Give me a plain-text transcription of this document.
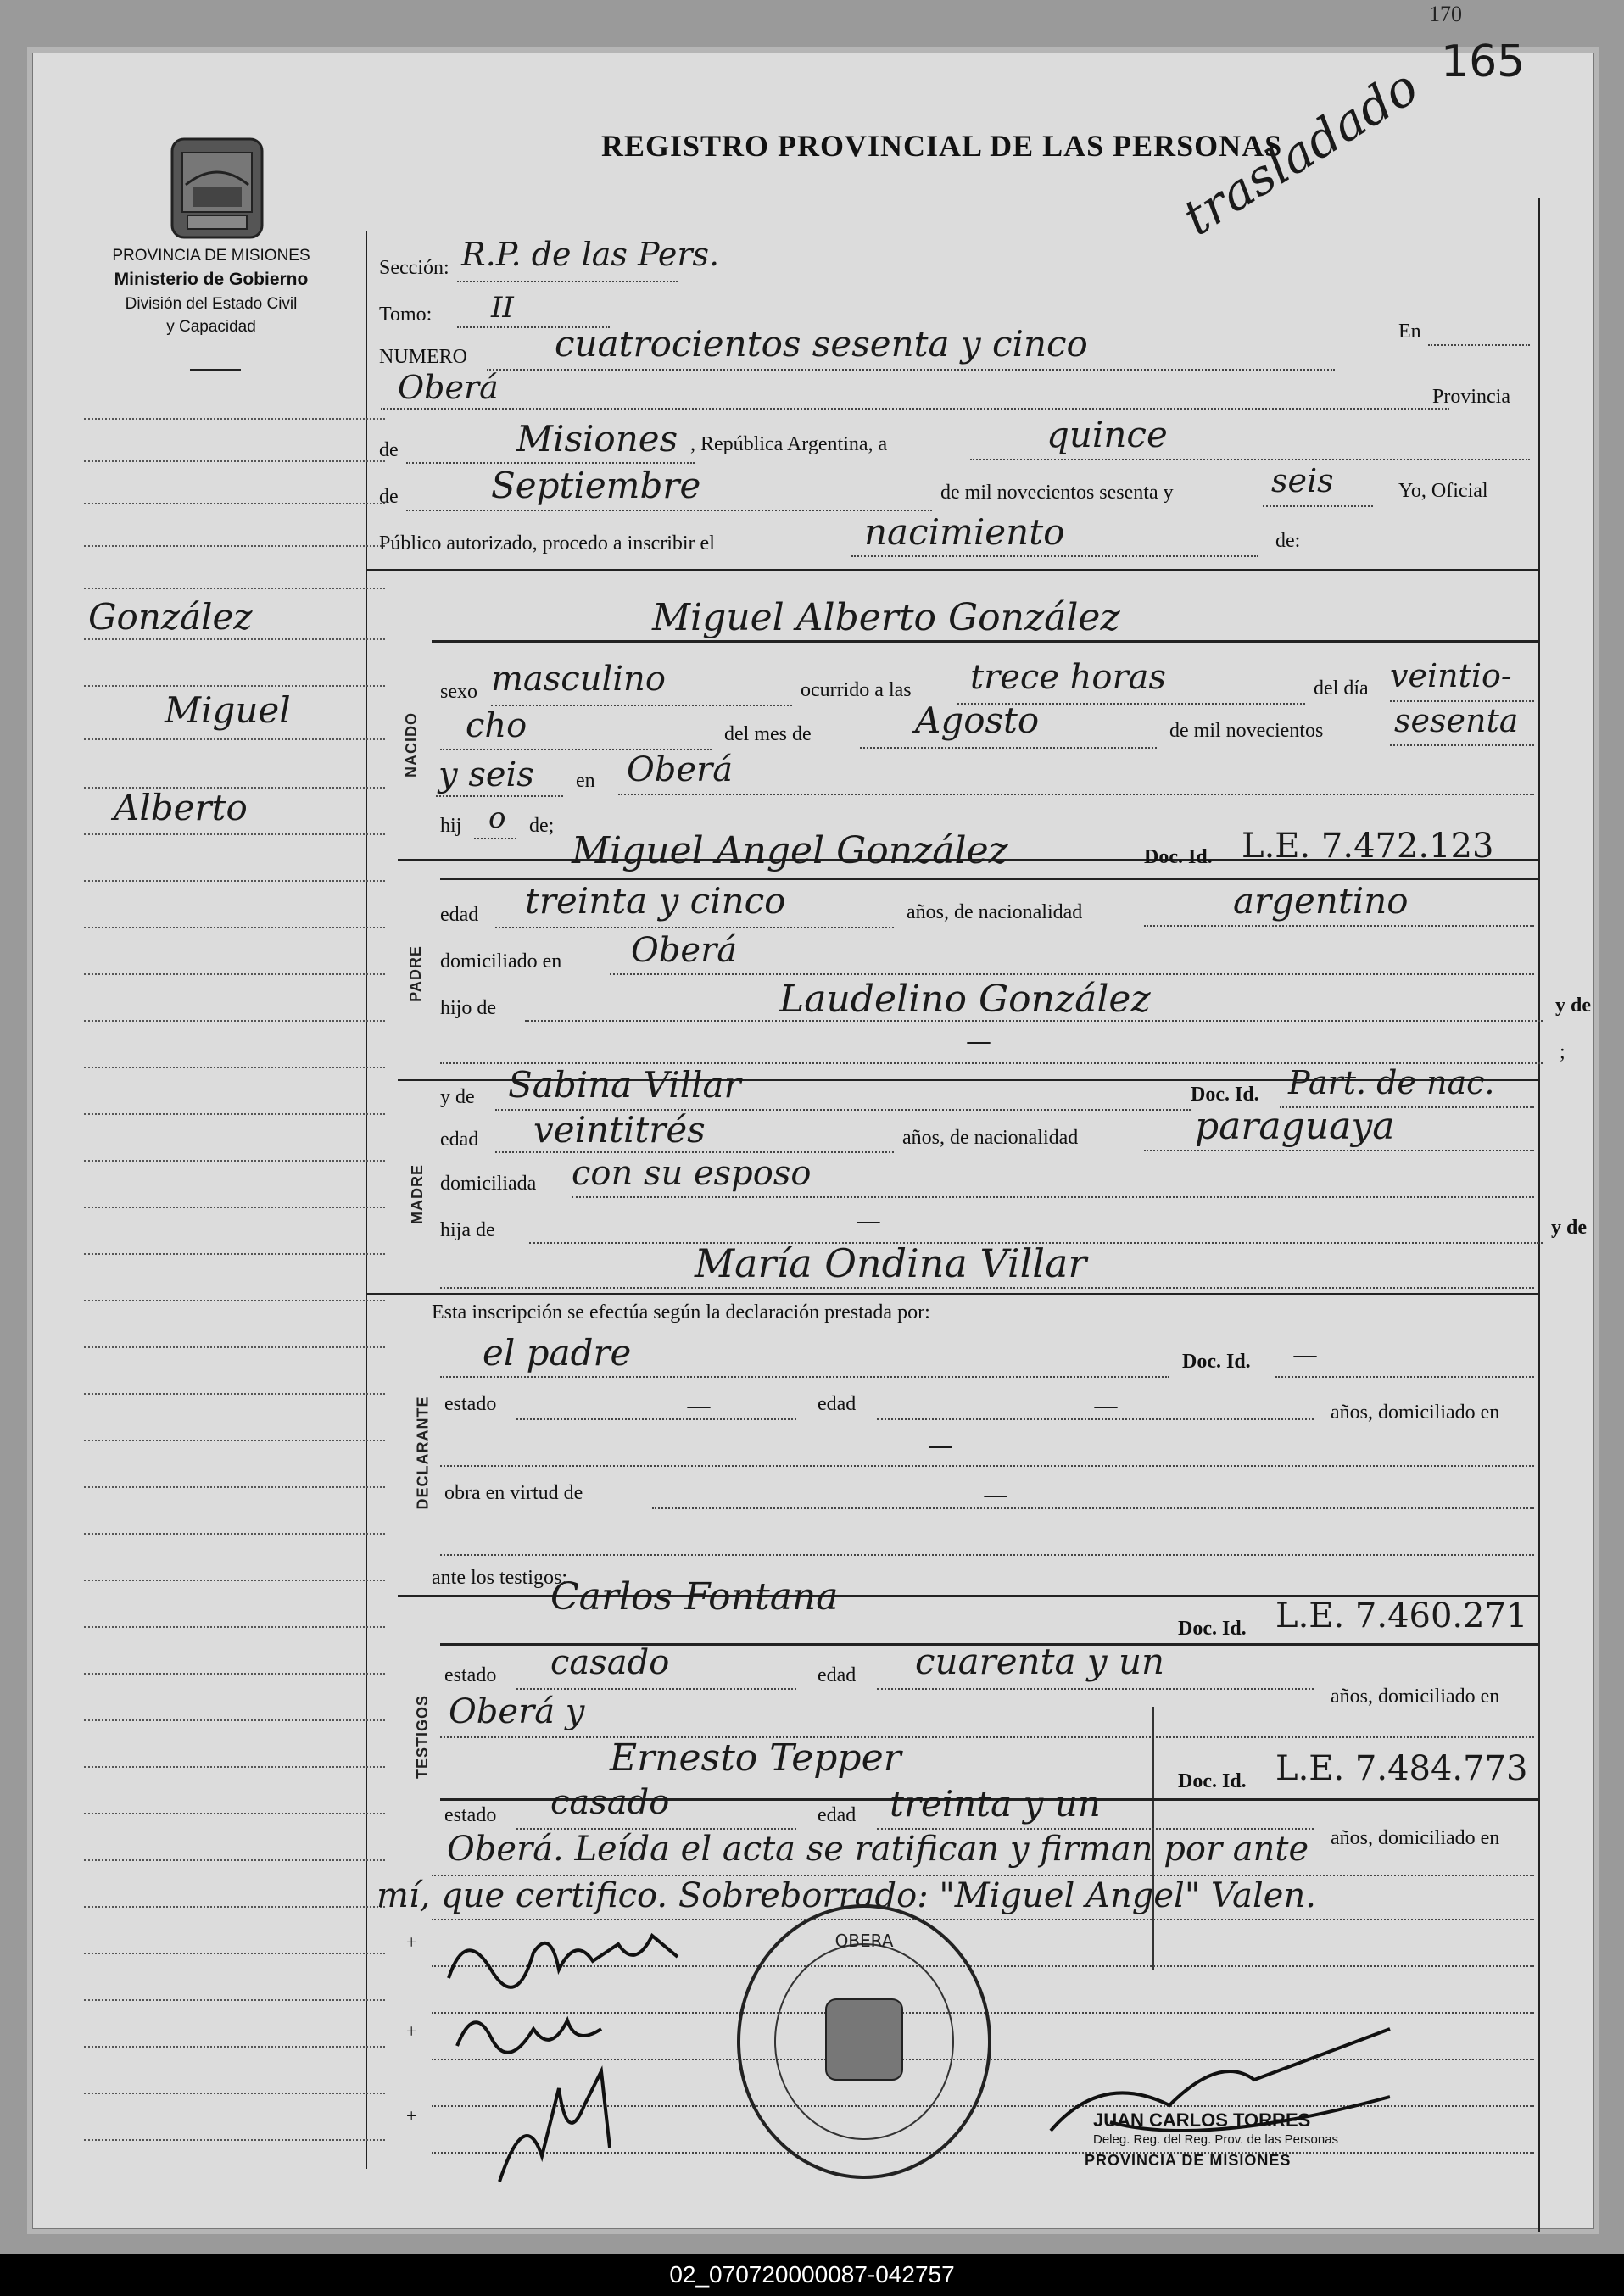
165
PROVINCIA DE MISIONES
Ministerio de Gobierno
División del Estado Civil
y Capacidad
REGISTRO PROVINCIAL DE LAS PERSONAS
trasladado
González
Miguel
Alberto
Sección: R.P. de las Pers.
Tomo: II
NUMERO cuatrocientos sesenta y cinco	En
Oberá	Provincia
de	Misiones , República Argentina, a	quince
de	Septiembre	de mil novecientos sesenta y	seis	Yo, Oficial
Público autorizado, procedo a inscribir el	nacimiento	de:
NACIDO
Miguel Alberto González
sexo masculino	ocurrido a las trece horas	del día veintio-
cho	del mes de	Agosto	de mil novecientos sesenta
y seis en Oberá
hij o de;
PADRE
Miguel Angel González	Doc. Id. L.E. 7.472.123
edad treinta y cinco	años, de nacionalidad	argentino
domiciliado en Oberá
hijo de	Laudelino González	y de
—	;
MADRE
y de Sabina Villar	Doc. Id. Part. de nac.
edad veintitrés	años, de nacionalidad	paraguaya
domiciliada con su esposo
hija de	—	y de
María Ondina Villar
Esta inscripción se efectúa según la declaración prestada por:
DECLARANTE
el padre	Doc. Id. —
estado	—	edad	—	años, domiciliado en
—
obra en virtud de	—
ante los testigos:
TESTIGOS
Carlos Fontana
Doc. Id. L.E. 7.460.271
estado casado	edad cuarenta y un
años, domiciliado en
Oberá y
Ernesto Tepper
Doc. Id. L.E. 7.484.773
estado casado	edad treinta y un
años, domiciliado en
Oberá. Leída el acta se ratifican y firman por ante
mí, que certifico. Sobreborrado: "Miguel Angel" Valen.
OBERA
JUAN CARLOS TORRES
Deleg. Reg. del Reg. Prov. de las Personas
PROVINCIA DE MISIONES
+
+
+
170
02_070720000087-042757
